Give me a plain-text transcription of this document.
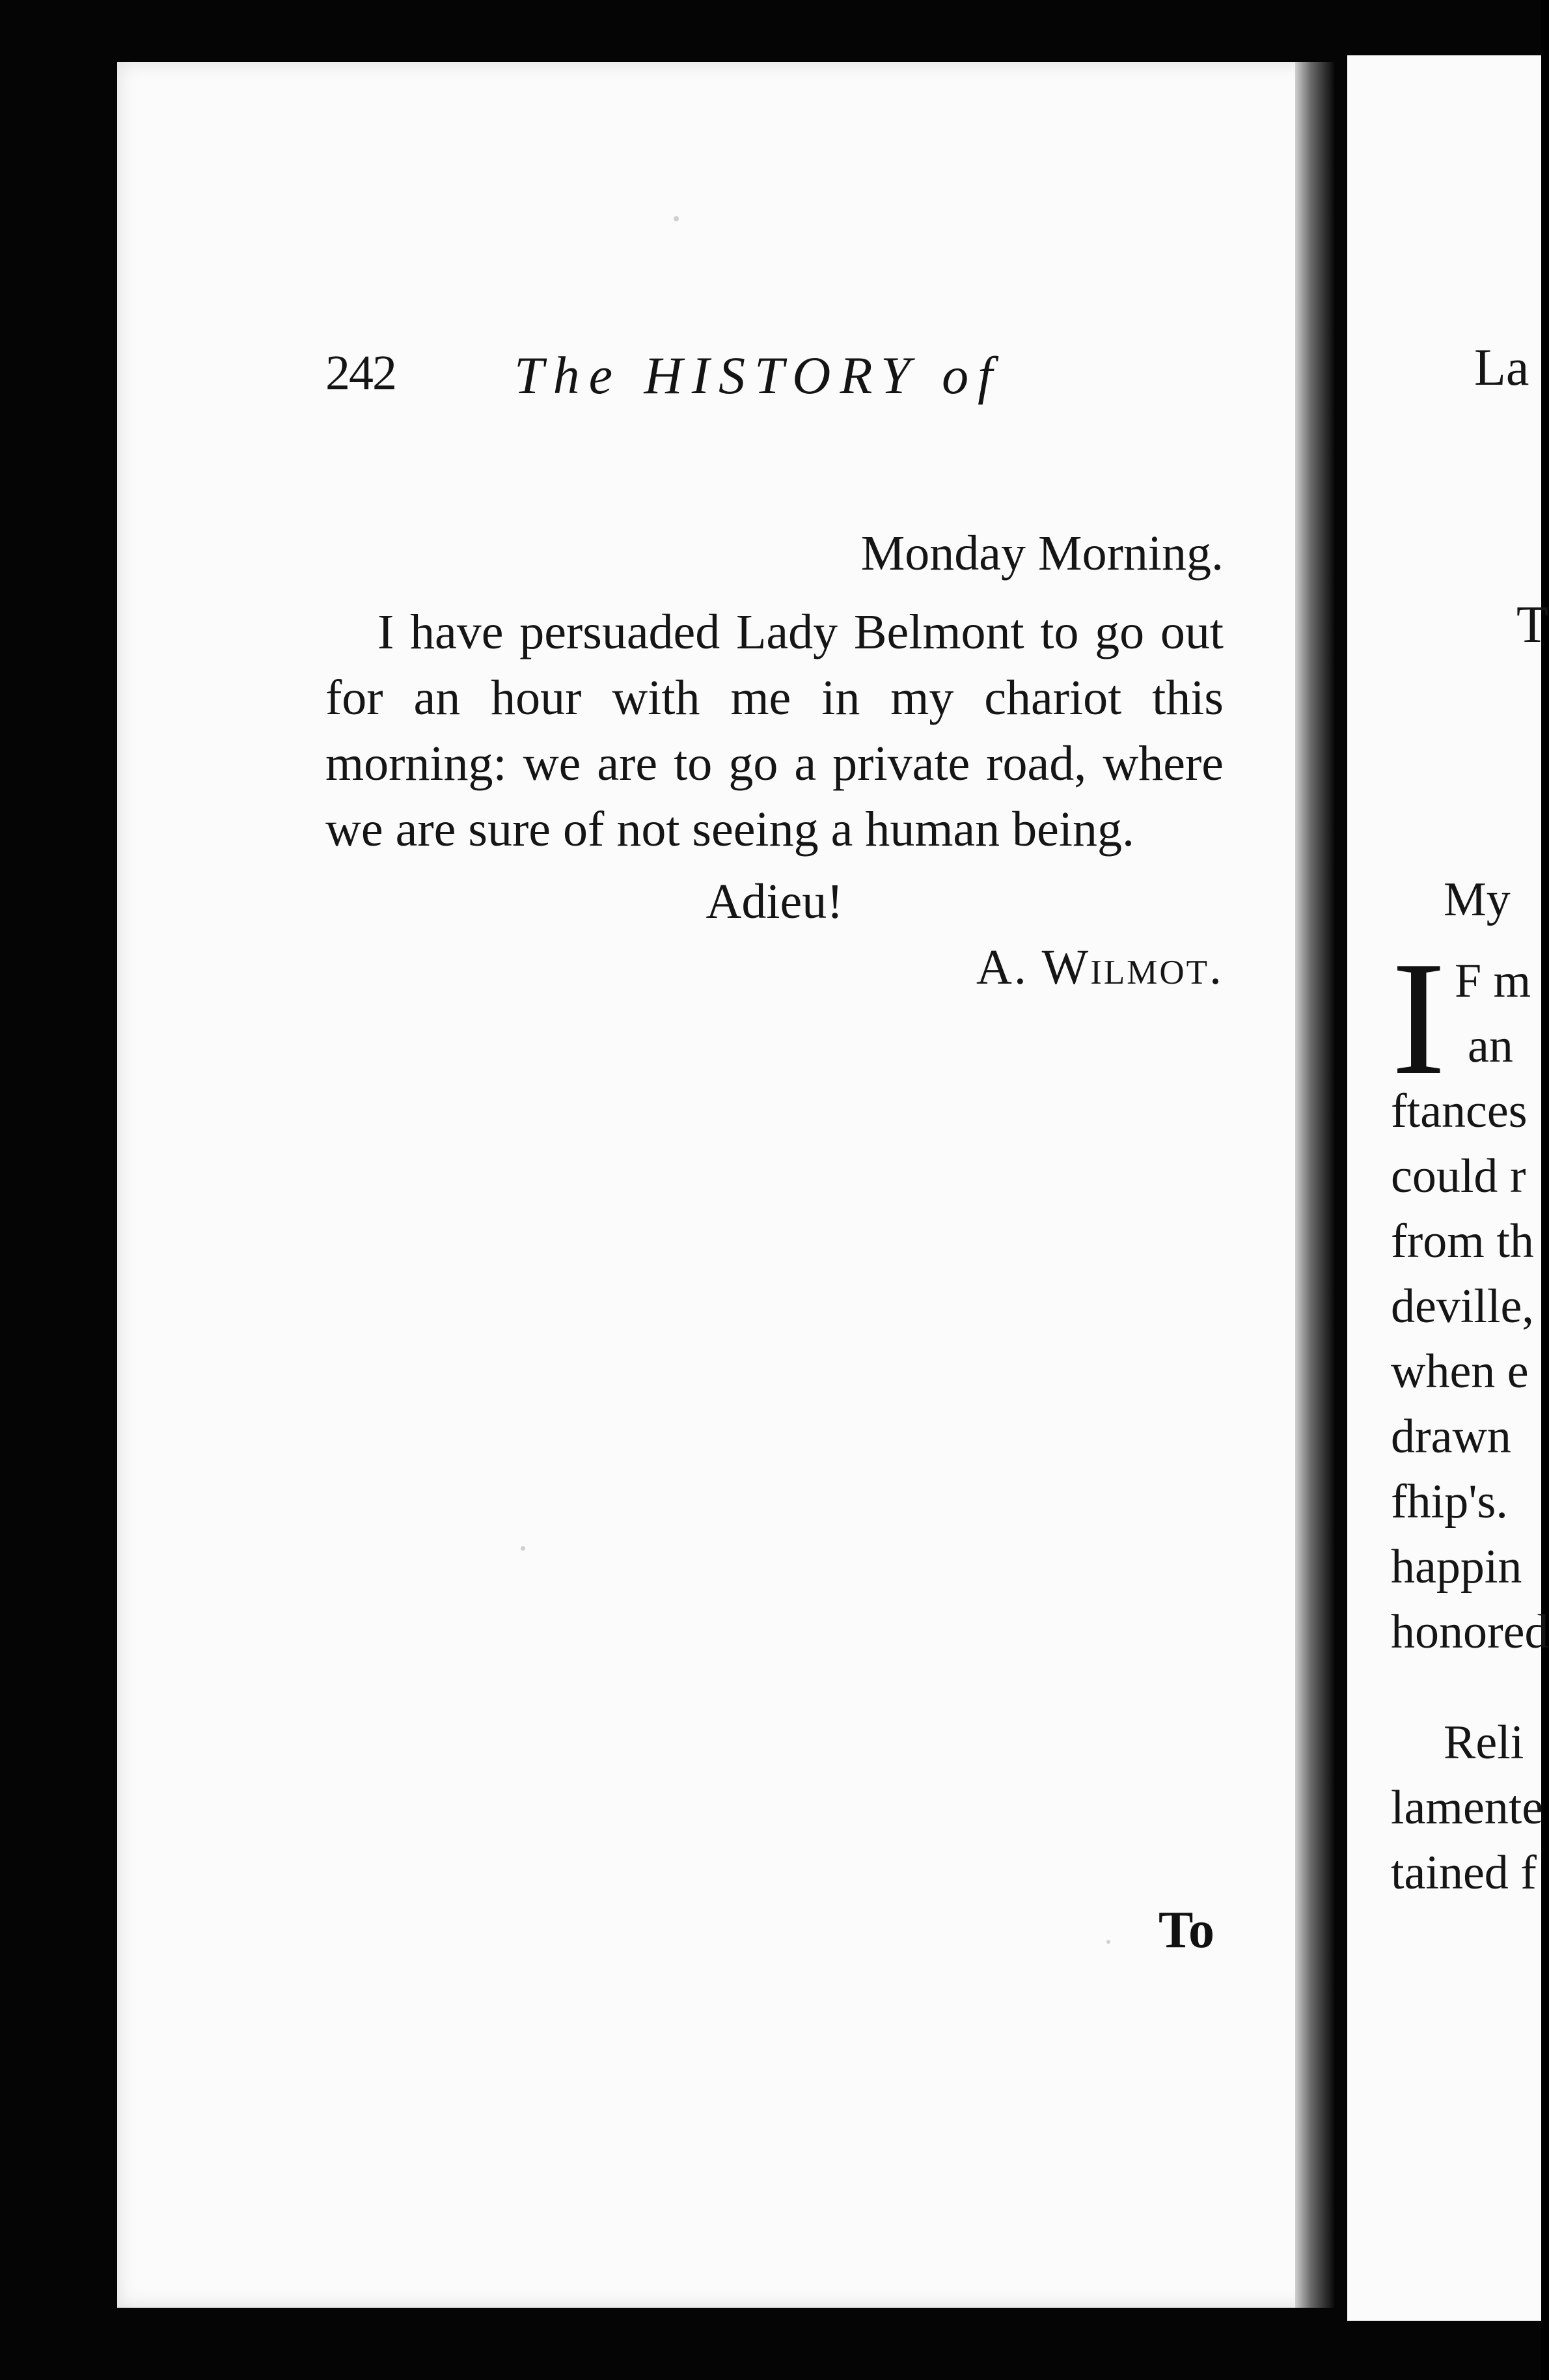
242 The HISTORY of

Monday Morning.

I have persuaded Lady Belmont to go out for an hour with me in my chariot this morning: we are to go a private road, where we are sure of not seeing a human being.

Adieu!

A. Wilmot.

To
La
T
My
I F m
an
ftances
could r
from th
deville,
when e
drawn
fhip's.
happin
honored
Reli
lamente
tained f
